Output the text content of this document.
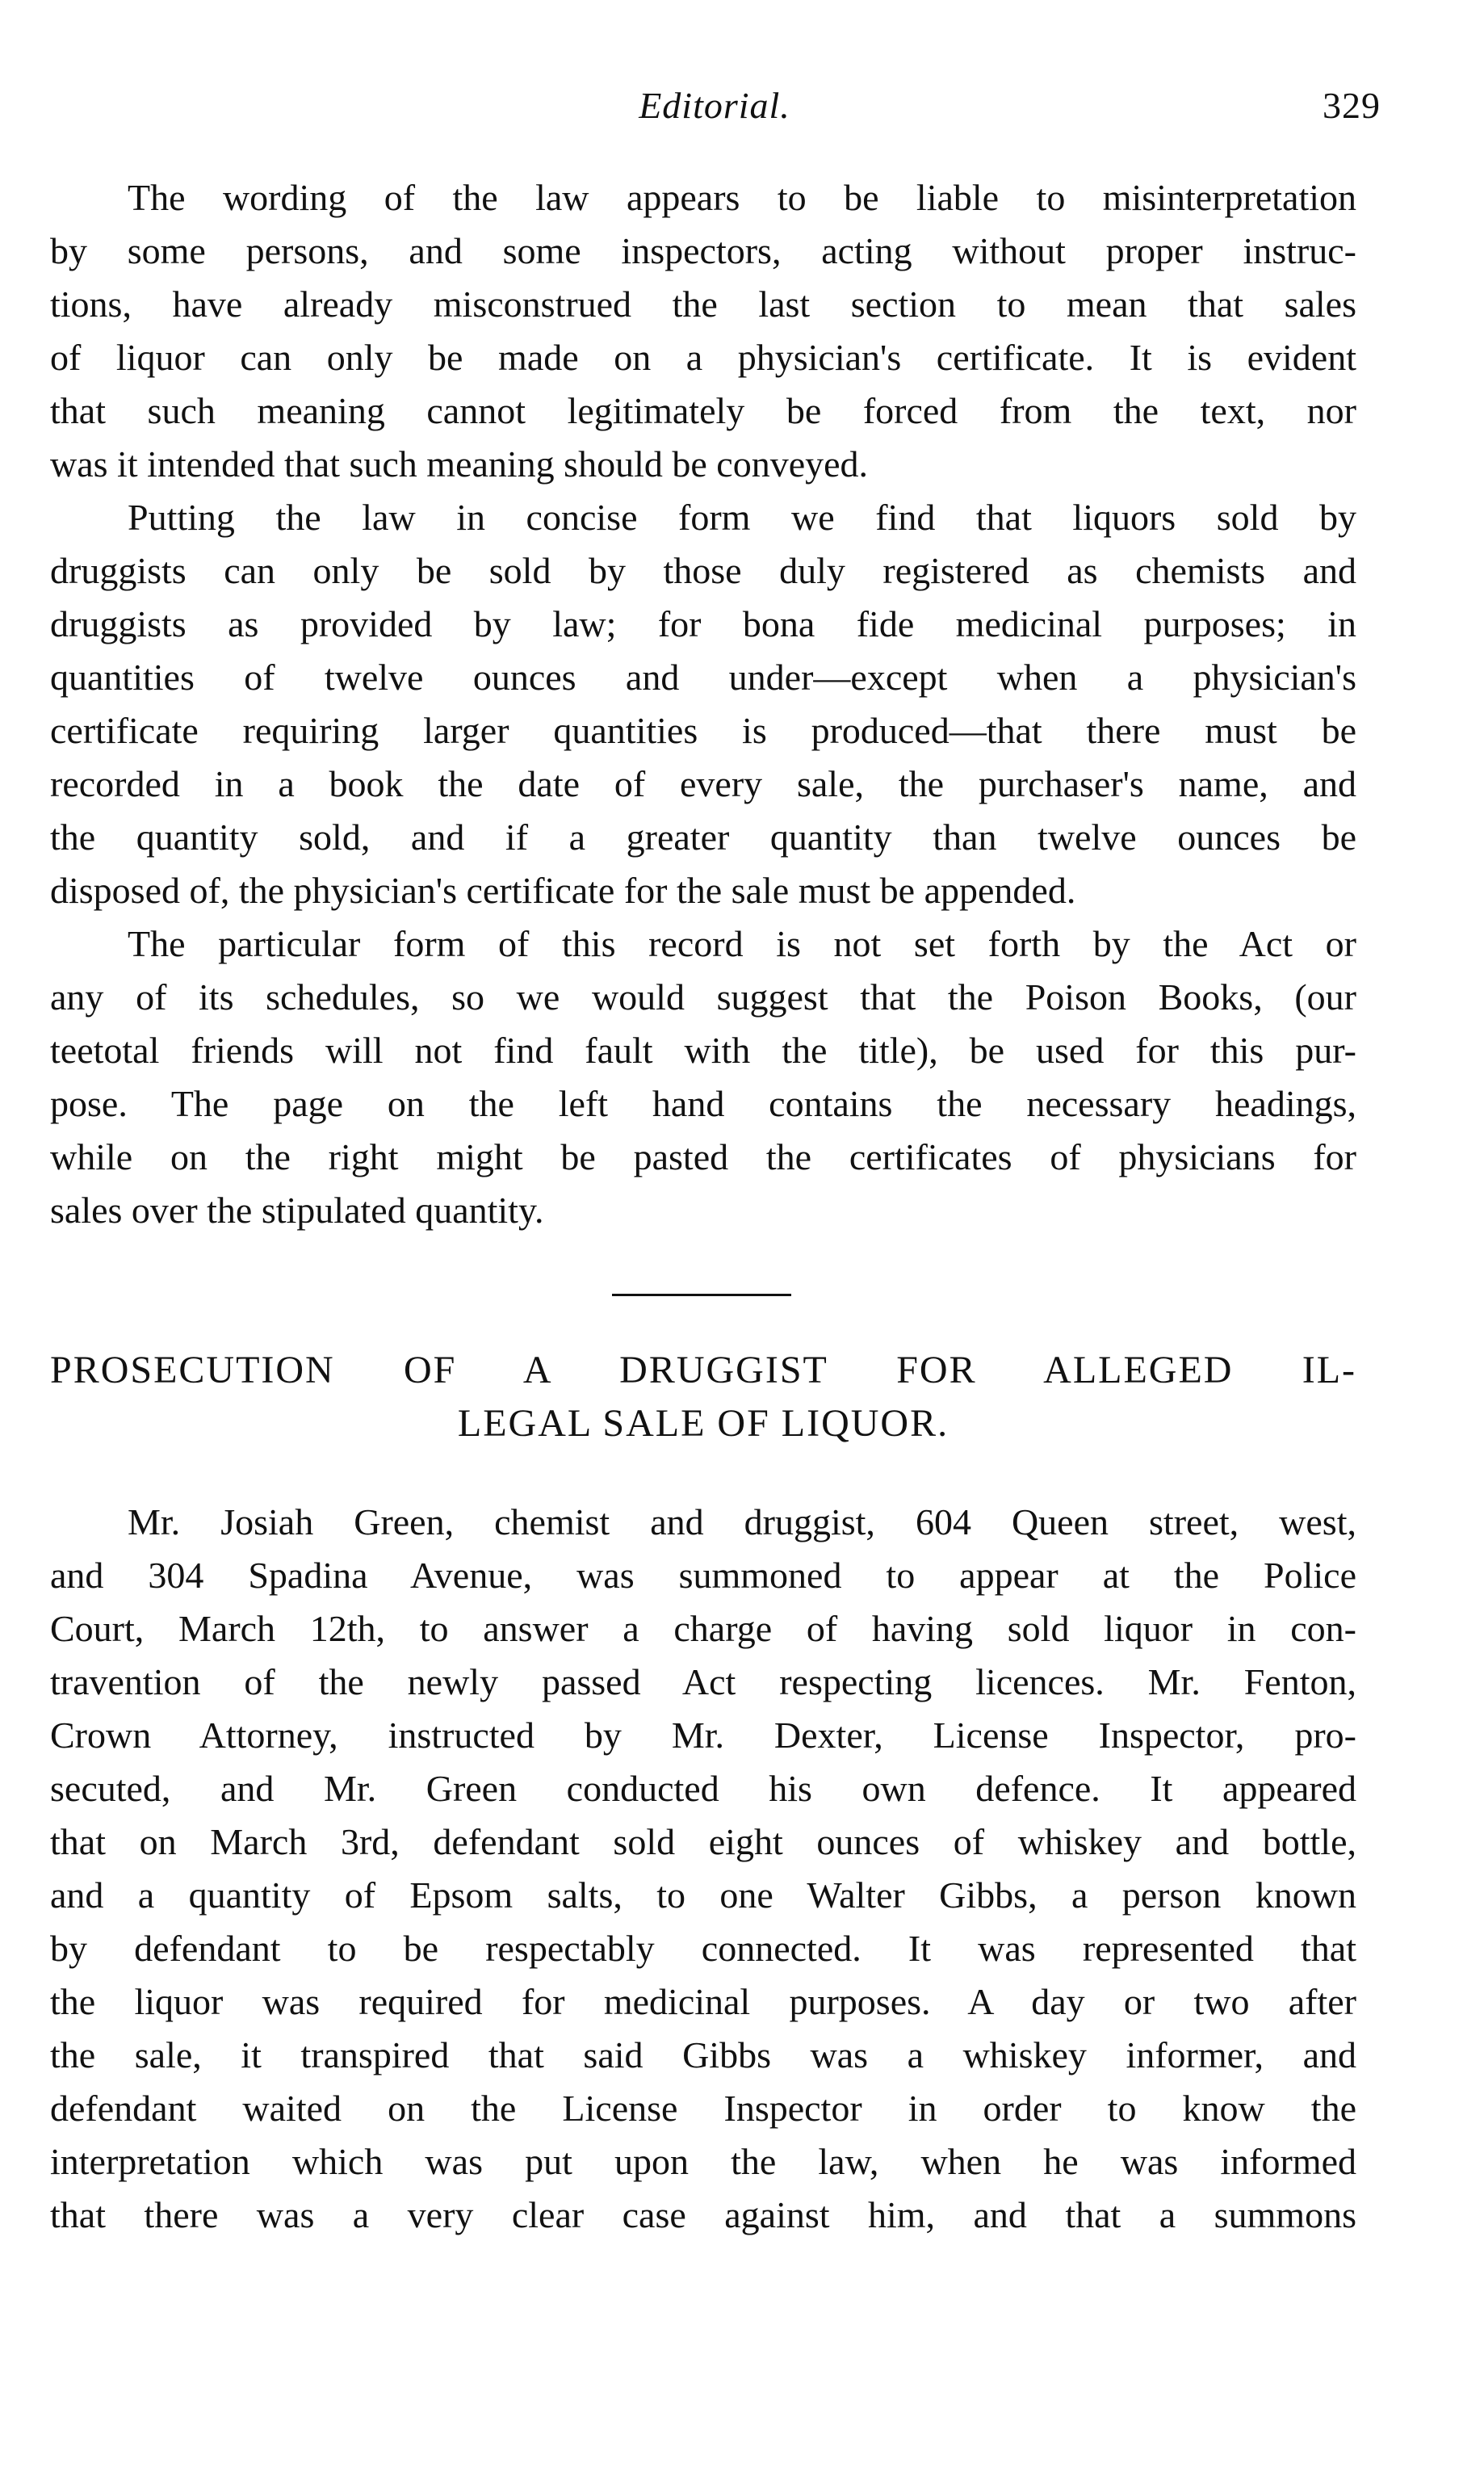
Editorial.	329
The wording of the law appears to be liable to misinterpretation
by some persons, and some inspectors, acting without proper instruc-
tions, have already misconstrued the last section to mean that sales
of liquor can only be made on a physician's certificate. It is evident
that such meaning cannot legitimately be forced from the text, nor
was it intended that such meaning should be conveyed.
Putting the law in concise form we find that liquors sold by
druggists can only be sold by those duly registered as chemists and
druggists as provided by law; for bona fide medicinal purposes; in
quantities of twelve ounces and under—except when a physician's
certificate requiring larger quantities is produced—that there must be
recorded in a book the date of every sale, the purchaser's name, and
the quantity sold, and if a greater quantity than twelve ounces be
disposed of, the physician's certificate for the sale must be appended.
The particular form of this record is not set forth by the Act or
any of its schedules, so we would suggest that the Poison Books, (our
teetotal friends will not find fault with the title), be used for this pur-
pose. The page on the left hand contains the necessary headings,
while on the right might be pasted the certificates of physicians for
sales over the stipulated quantity.
PROSECUTION OF A DRUGGIST FOR ALLEGED IL-
LEGAL SALE OF LIQUOR.
Mr. Josiah Green, chemist and druggist, 604 Queen street, west,
and 304 Spadina Avenue, was summoned to appear at the Police
Court, March 12th, to answer a charge of having sold liquor in con-
travention of the newly passed Act respecting licences. Mr. Fenton,
Crown Attorney, instructed by Mr. Dexter, License Inspector, pro-
secuted, and Mr. Green conducted his own defence. It appeared
that on March 3rd, defendant sold eight ounces of whiskey and bottle,
and a quantity of Epsom salts, to one Walter Gibbs, a person known
by defendant to be respectably connected. It was represented that
the liquor was required for medicinal purposes. A day or two after
the sale, it transpired that said Gibbs was a whiskey informer, and
defendant waited on the License Inspector in order to know the
interpretation which was put upon the law, when he was informed
that there was a very clear case against him, and that a summons
